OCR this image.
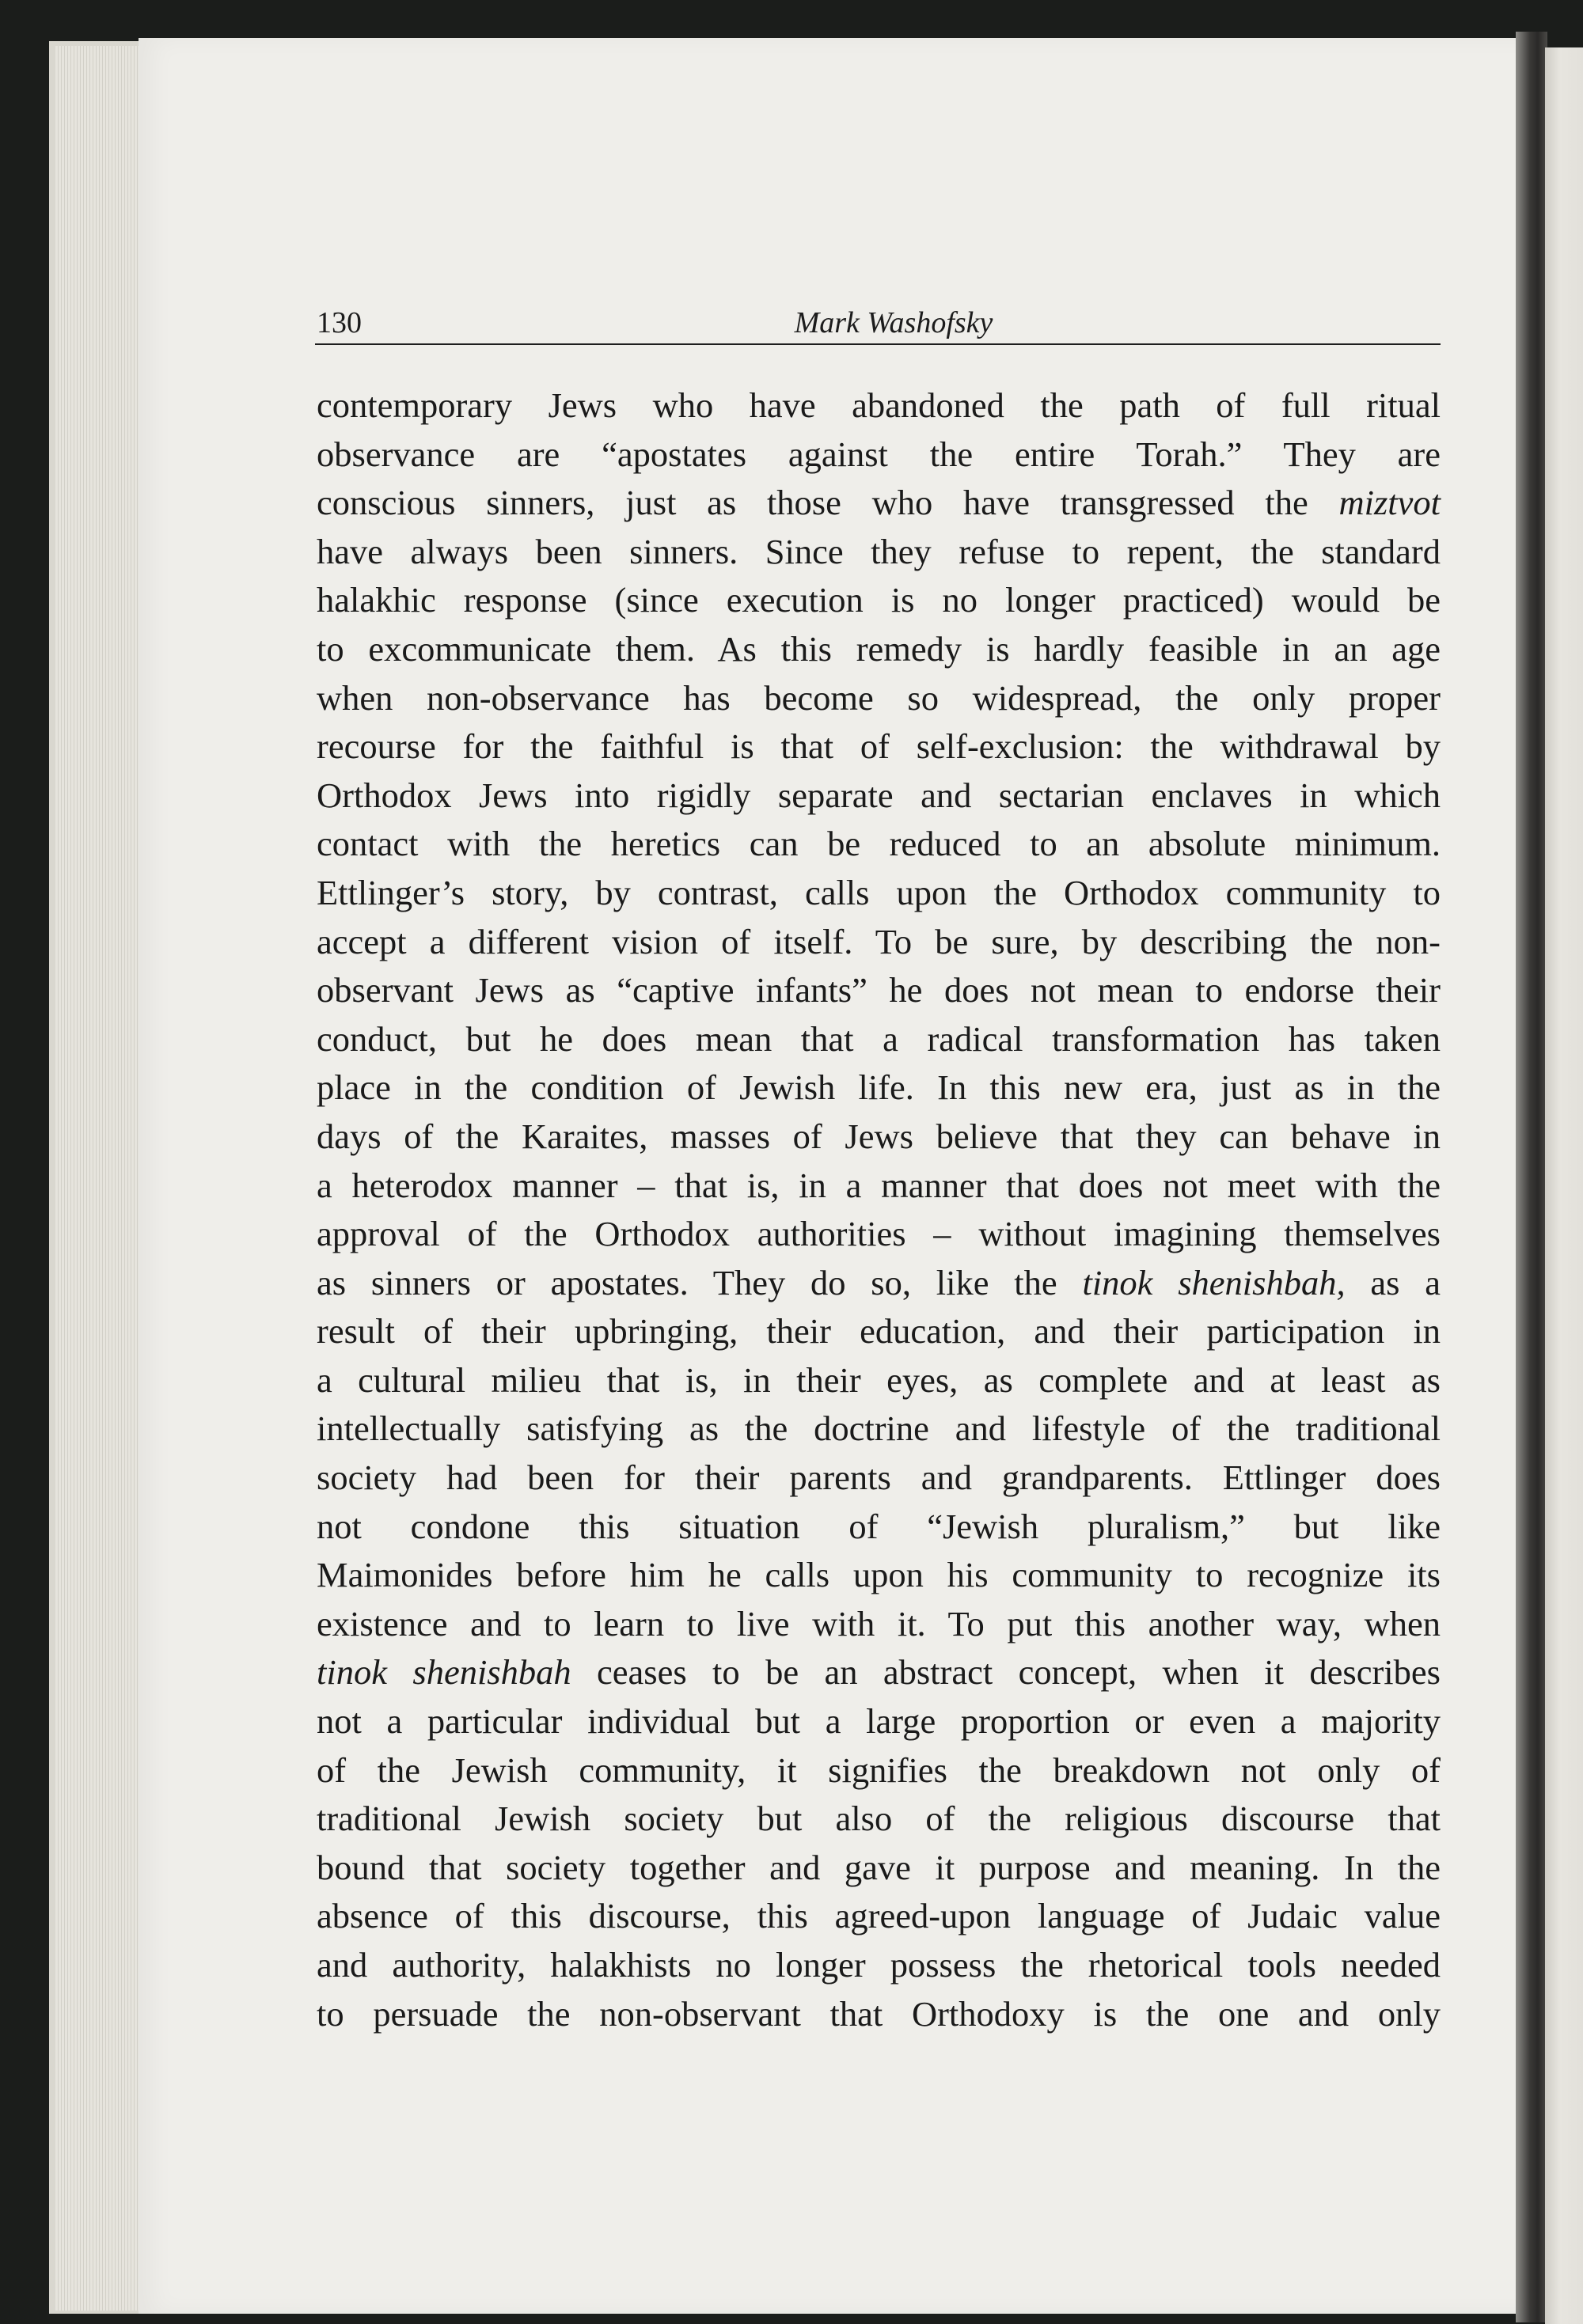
130	Mark Washofsky
contemporary Jews who have abandoned the path of full ritual
observance are “apostates against the entire Torah.” They are
conscious sinners, just as those who have transgressed the miztvot
have always been sinners. Since they refuse to repent, the standard
halakhic response (since execution is no longer practiced) would be
to excommunicate them. As this remedy is hardly feasible in an age
when non-observance has become so widespread, the only proper
recourse for the faithful is that of self-exclusion: the withdrawal by
Orthodox Jews into rigidly separate and sectarian enclaves in which
contact with the heretics can be reduced to an absolute minimum.
Ettlinger’s story, by contrast, calls upon the Orthodox community to
accept a different vision of itself. To be sure, by describing the non-
observant Jews as “captive infants” he does not mean to endorse their
conduct, but he does mean that a radical transformation has taken
place in the condition of Jewish life. In this new era, just as in the
days of the Karaites, masses of Jews believe that they can behave in
a heterodox manner – that is, in a manner that does not meet with the
approval of the Orthodox authorities – without imagining themselves
as sinners or apostates. They do so, like the tinok shenishbah, as a
result of their upbringing, their education, and their participation in
a cultural milieu that is, in their eyes, as complete and at least as
intellectually satisfying as the doctrine and lifestyle of the traditional
society had been for their parents and grandparents. Ettlinger does
not condone this situation of “Jewish pluralism,” but like
Maimonides before him he calls upon his community to recognize its
existence and to learn to live with it. To put this another way, when
tinok shenishbah ceases to be an abstract concept, when it describes
not a particular individual but a large proportion or even a majority
of the Jewish community, it signifies the breakdown not only of
traditional Jewish society but also of the religious discourse that
bound that society together and gave it purpose and meaning. In the
absence of this discourse, this agreed-upon language of Judaic value
and authority, halakhists no longer possess the rhetorical tools needed
to persuade the non-observant that Orthodoxy is the one and only
